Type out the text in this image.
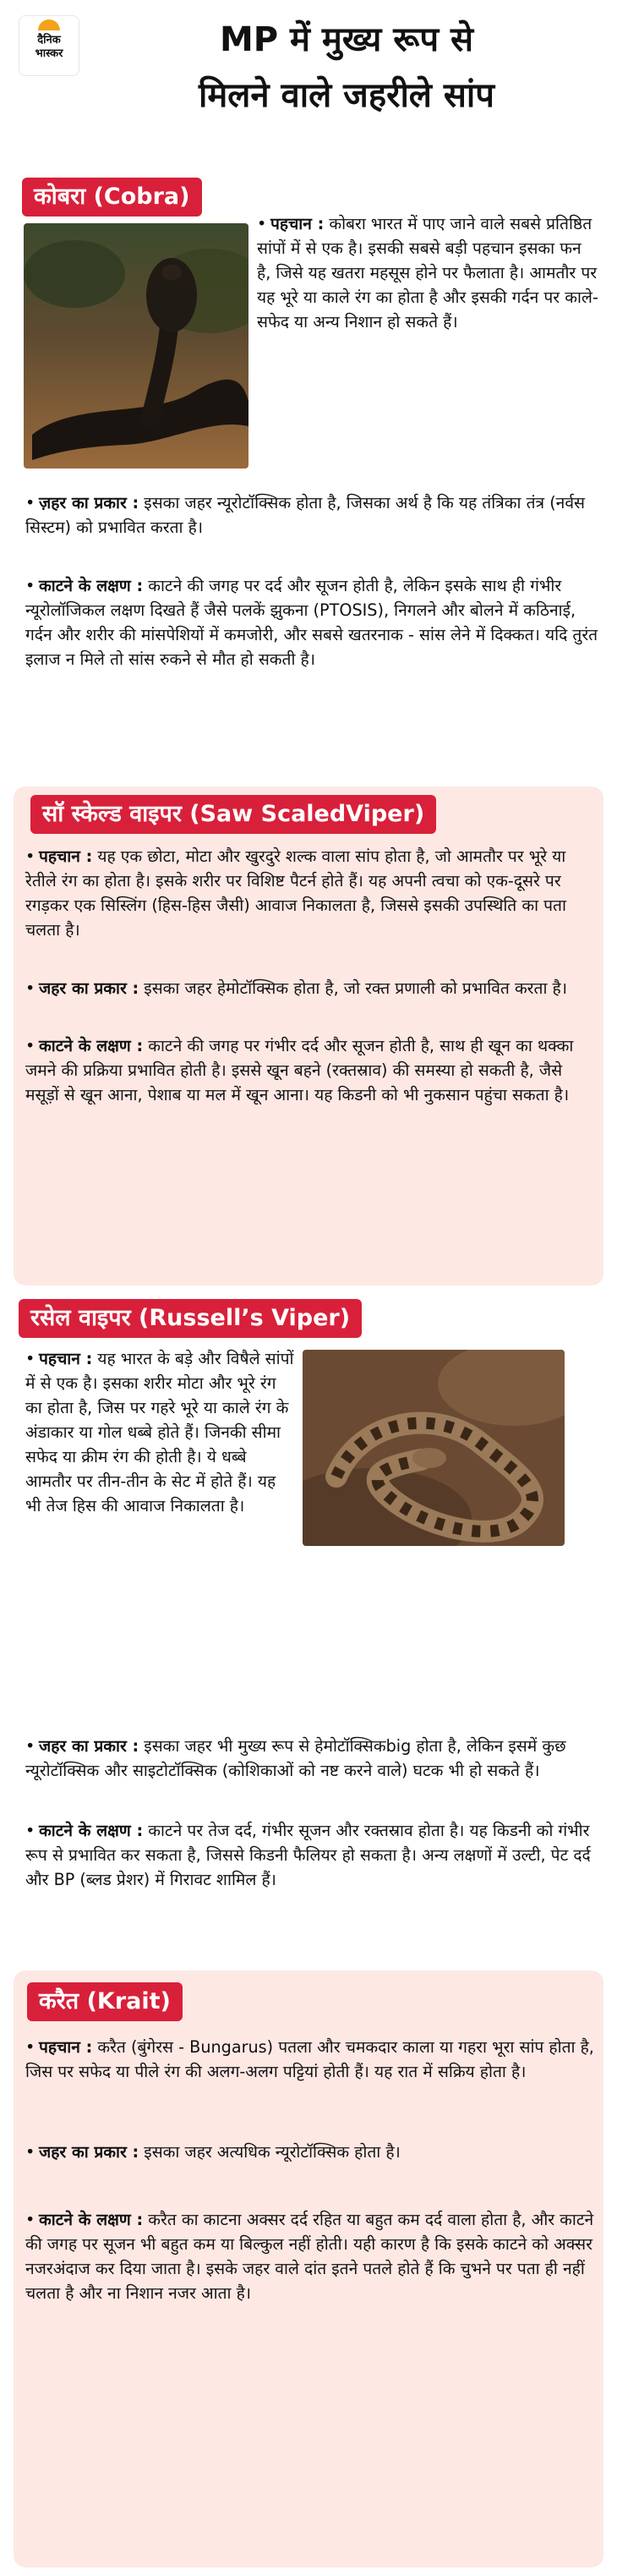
दैनिक
भास्कर	MP में मुख्य रूप से
मिलने वाले जहरीले सांप
कोबरा (Cobra)
• पहचान : कोबरा भारत में पाए जाने वाले सबसे प्रतिष्ठित सांपों में से एक है। इसकी सबसे बड़ी पहचान इसका फन है, जिसे यह खतरा महसूस होने पर फैलाता है। आमतौर पर यह भूरे या काले रंग का होता है और इसकी गर्दन पर काले-सफेद या अन्य निशान हो सकते हैं।
• ज़हर का प्रकार : इसका जहर न्यूरोटॉक्सिक होता है, जिसका अर्थ है कि यह तंत्रिका तंत्र (नर्वस सिस्टम) को प्रभावित करता है।
• काटने के लक्षण : काटने की जगह पर दर्द और सूजन होती है, लेकिन इसके साथ ही गंभीर न्यूरोलॉजिकल लक्षण दिखते हैं जैसे पलकें झुकना (PTOSIS), निगलने और बोलने में कठिनाई, गर्दन और शरीर की मांसपेशियों में कमजोरी, और सबसे खतरनाक - सांस लेने में दिक्कत। यदि तुरंत इलाज न मिले तो सांस रुकने से मौत हो सकती है।
सॉ स्केल्ड वाइपर (Saw ScaledViper)
• पहचान : यह एक छोटा, मोटा और खुरदुरे शल्क वाला सांप होता है, जो आमतौर पर भूरे या रेतीले रंग का होता है। इसके शरीर पर विशिष्ट पैटर्न होते हैं। यह अपनी त्वचा को एक-दूसरे पर रगड़कर एक सिस्लिंग (हिस-हिस जैसी) आवाज निकालता है, जिससे इसकी उपस्थिति का पता चलता है।
• जहर का प्रकार : इसका जहर हेमोटॉक्सिक होता है, जो रक्त प्रणाली को प्रभावित करता है।
• काटने के लक्षण : काटने की जगह पर गंभीर दर्द और सूजन होती है, साथ ही खून का थक्का जमने की प्रक्रिया प्रभावित होती है। इससे खून बहने (रक्तस्राव) की समस्या हो सकती है, जैसे मसूड़ों से खून आना, पेशाब या मल में खून आना। यह किडनी को भी नुकसान पहुंचा सकता है।
रसेल वाइपर (Russell’s Viper)
• पहचान : यह भारत के बड़े और विषैले सांपों में से एक है। इसका शरीर मोटा और भूरे रंग का होता है, जिस पर गहरे भूरे या काले रंग के अंडाकार या गोल धब्बे होते हैं। जिनकी सीमा सफेद या क्रीम रंग की होती है। ये धब्बे आमतौर पर तीन-तीन के सेट में होते हैं। यह भी तेज हिस की आवाज निकालता है।
• जहर का प्रकार : इसका जहर भी मुख्य रूप से हेमोटॉक्सिकbig होता है, लेकिन इसमें कुछ न्यूरोटॉक्सिक और साइटोटॉक्सिक (कोशिकाओं को नष्ट करने वाले) घटक भी हो सकते हैं।
• काटने के लक्षण : काटने पर तेज दर्द, गंभीर सूजन और रक्तस्राव होता है। यह किडनी को गंभीर रूप से प्रभावित कर सकता है, जिससे किडनी फैलियर हो सकता है। अन्य लक्षणों में उल्टी, पेट दर्द और BP (ब्लड प्रेशर) में गिरावट शामिल हैं।
करैत (Krait)
• पहचान : करैत (बुंगेरस - Bungarus) पतला और चमकदार काला या गहरा भूरा सांप होता है, जिस पर सफेद या पीले रंग की अलग-अलग पट्टियां होती हैं। यह रात में सक्रिय होता है।
• जहर का प्रकार : इसका जहर अत्यधिक न्यूरोटॉक्सिक होता है।
• काटने के लक्षण : करैत का काटना अक्सर दर्द रहित या बहुत कम दर्द वाला होता है, और काटने की जगह पर सूजन भी बहुत कम या बिल्कुल नहीं होती। यही कारण है कि इसके काटने को अक्सर नजरअंदाज कर दिया जाता है। इसके जहर वाले दांत इतने पतले होते हैं कि चुभने पर पता ही नहीं चलता है और ना निशान नजर आता है।
